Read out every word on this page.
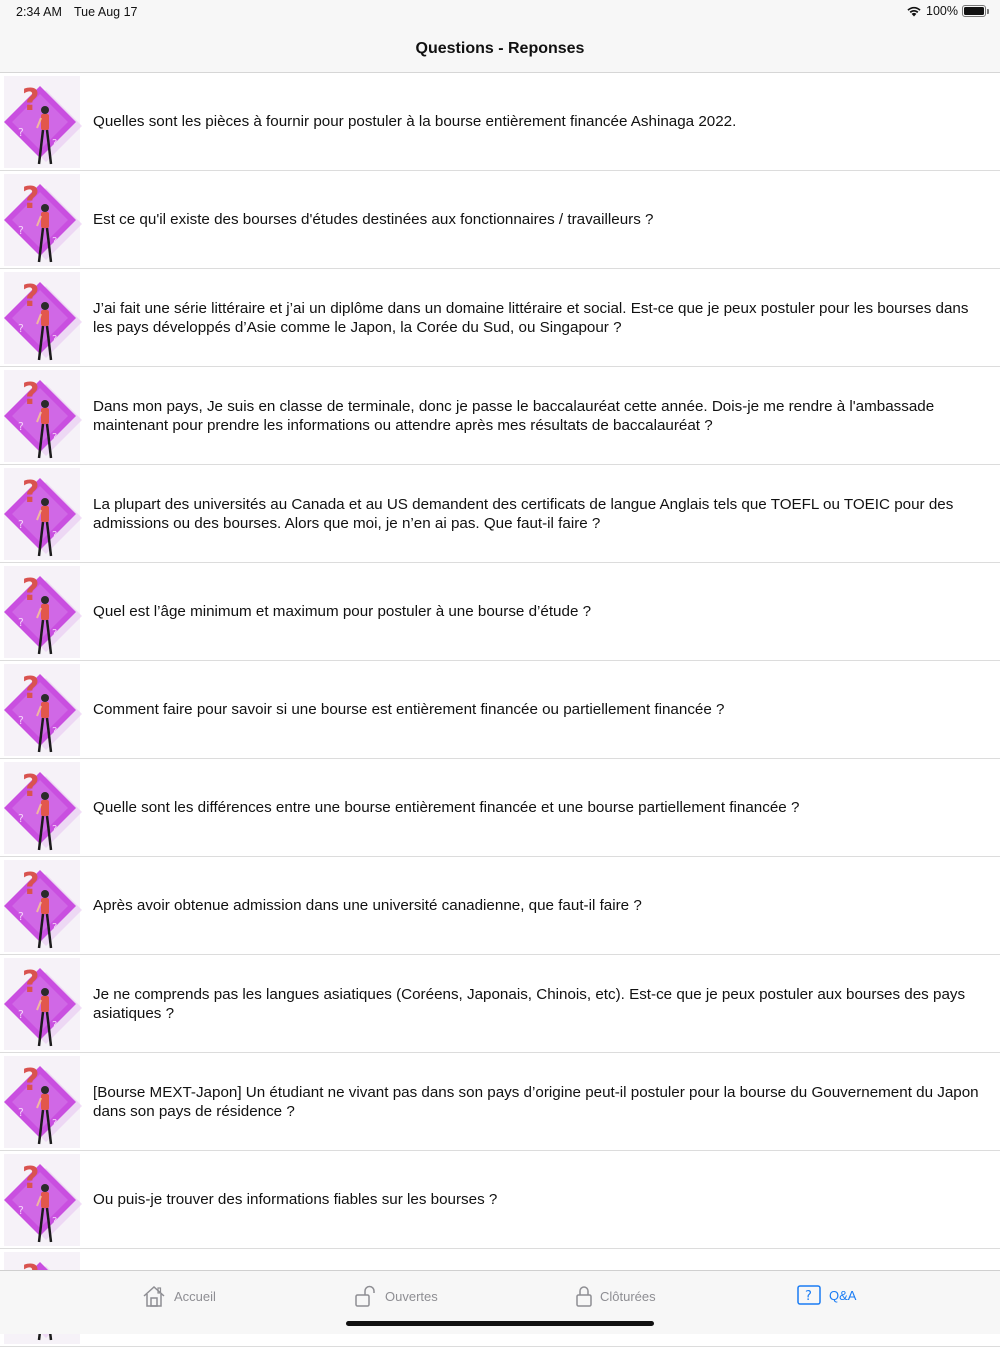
2:34 AM Tue Aug 17	100%
Questions - Reponses
?
?
?
Quelles sont les pièces à fournir pour postuler à la bourse entièrement financée Ashinaga 2022.
?
?
?
Est ce qu'il existe des bourses d'études destinées aux fonctionnaires / travailleurs ?
?
?
?
J’ai fait une série littéraire et j’ai un diplôme dans un domaine littéraire et social. Est-ce que je peux postuler pour les bourses dans les pays développés d’Asie comme le Japon, la Corée du Sud, ou Singapour ?
?
?
?
Dans mon pays, Je suis en classe de terminale, donc je passe le baccalauréat cette année. Dois-je me rendre à l'ambassade maintenant pour prendre les informations ou attendre après mes résultats de baccalauréat ?
?
?
?
La plupart des universités au Canada et au US demandent des certificats de langue Anglais tels que TOEFL ou TOEIC pour des admissions ou des bourses. Alors que moi, je n’en ai pas. Que faut-il faire ?
?
?
?
Quel est l’âge minimum et maximum pour postuler à une bourse d’étude ?
?
?
?
Comment faire pour savoir si une bourse est entièrement financée ou partiellement financée ?
?
?
?
Quelle sont les différences entre une bourse entièrement financée et une bourse partiellement financée ?
?
?
?
Après avoir obtenue admission dans une université canadienne, que faut-il faire ?
?
?
?
Je ne comprends pas les langues asiatiques (Coréens, Japonais, Chinois, etc). Est-ce que je peux postuler aux bourses des pays asiatiques ?
?
?
?
[Bourse MEXT-Japon] Un étudiant ne vivant pas dans son pays d’origine peut-il postuler pour la bourse du Gouvernement du Japon dans son pays de résidence ?
?
?
?
Ou puis-je trouver des informations fiables sur les bourses ?
Accueil	Ouvertes	Clôturées	? Q&A
